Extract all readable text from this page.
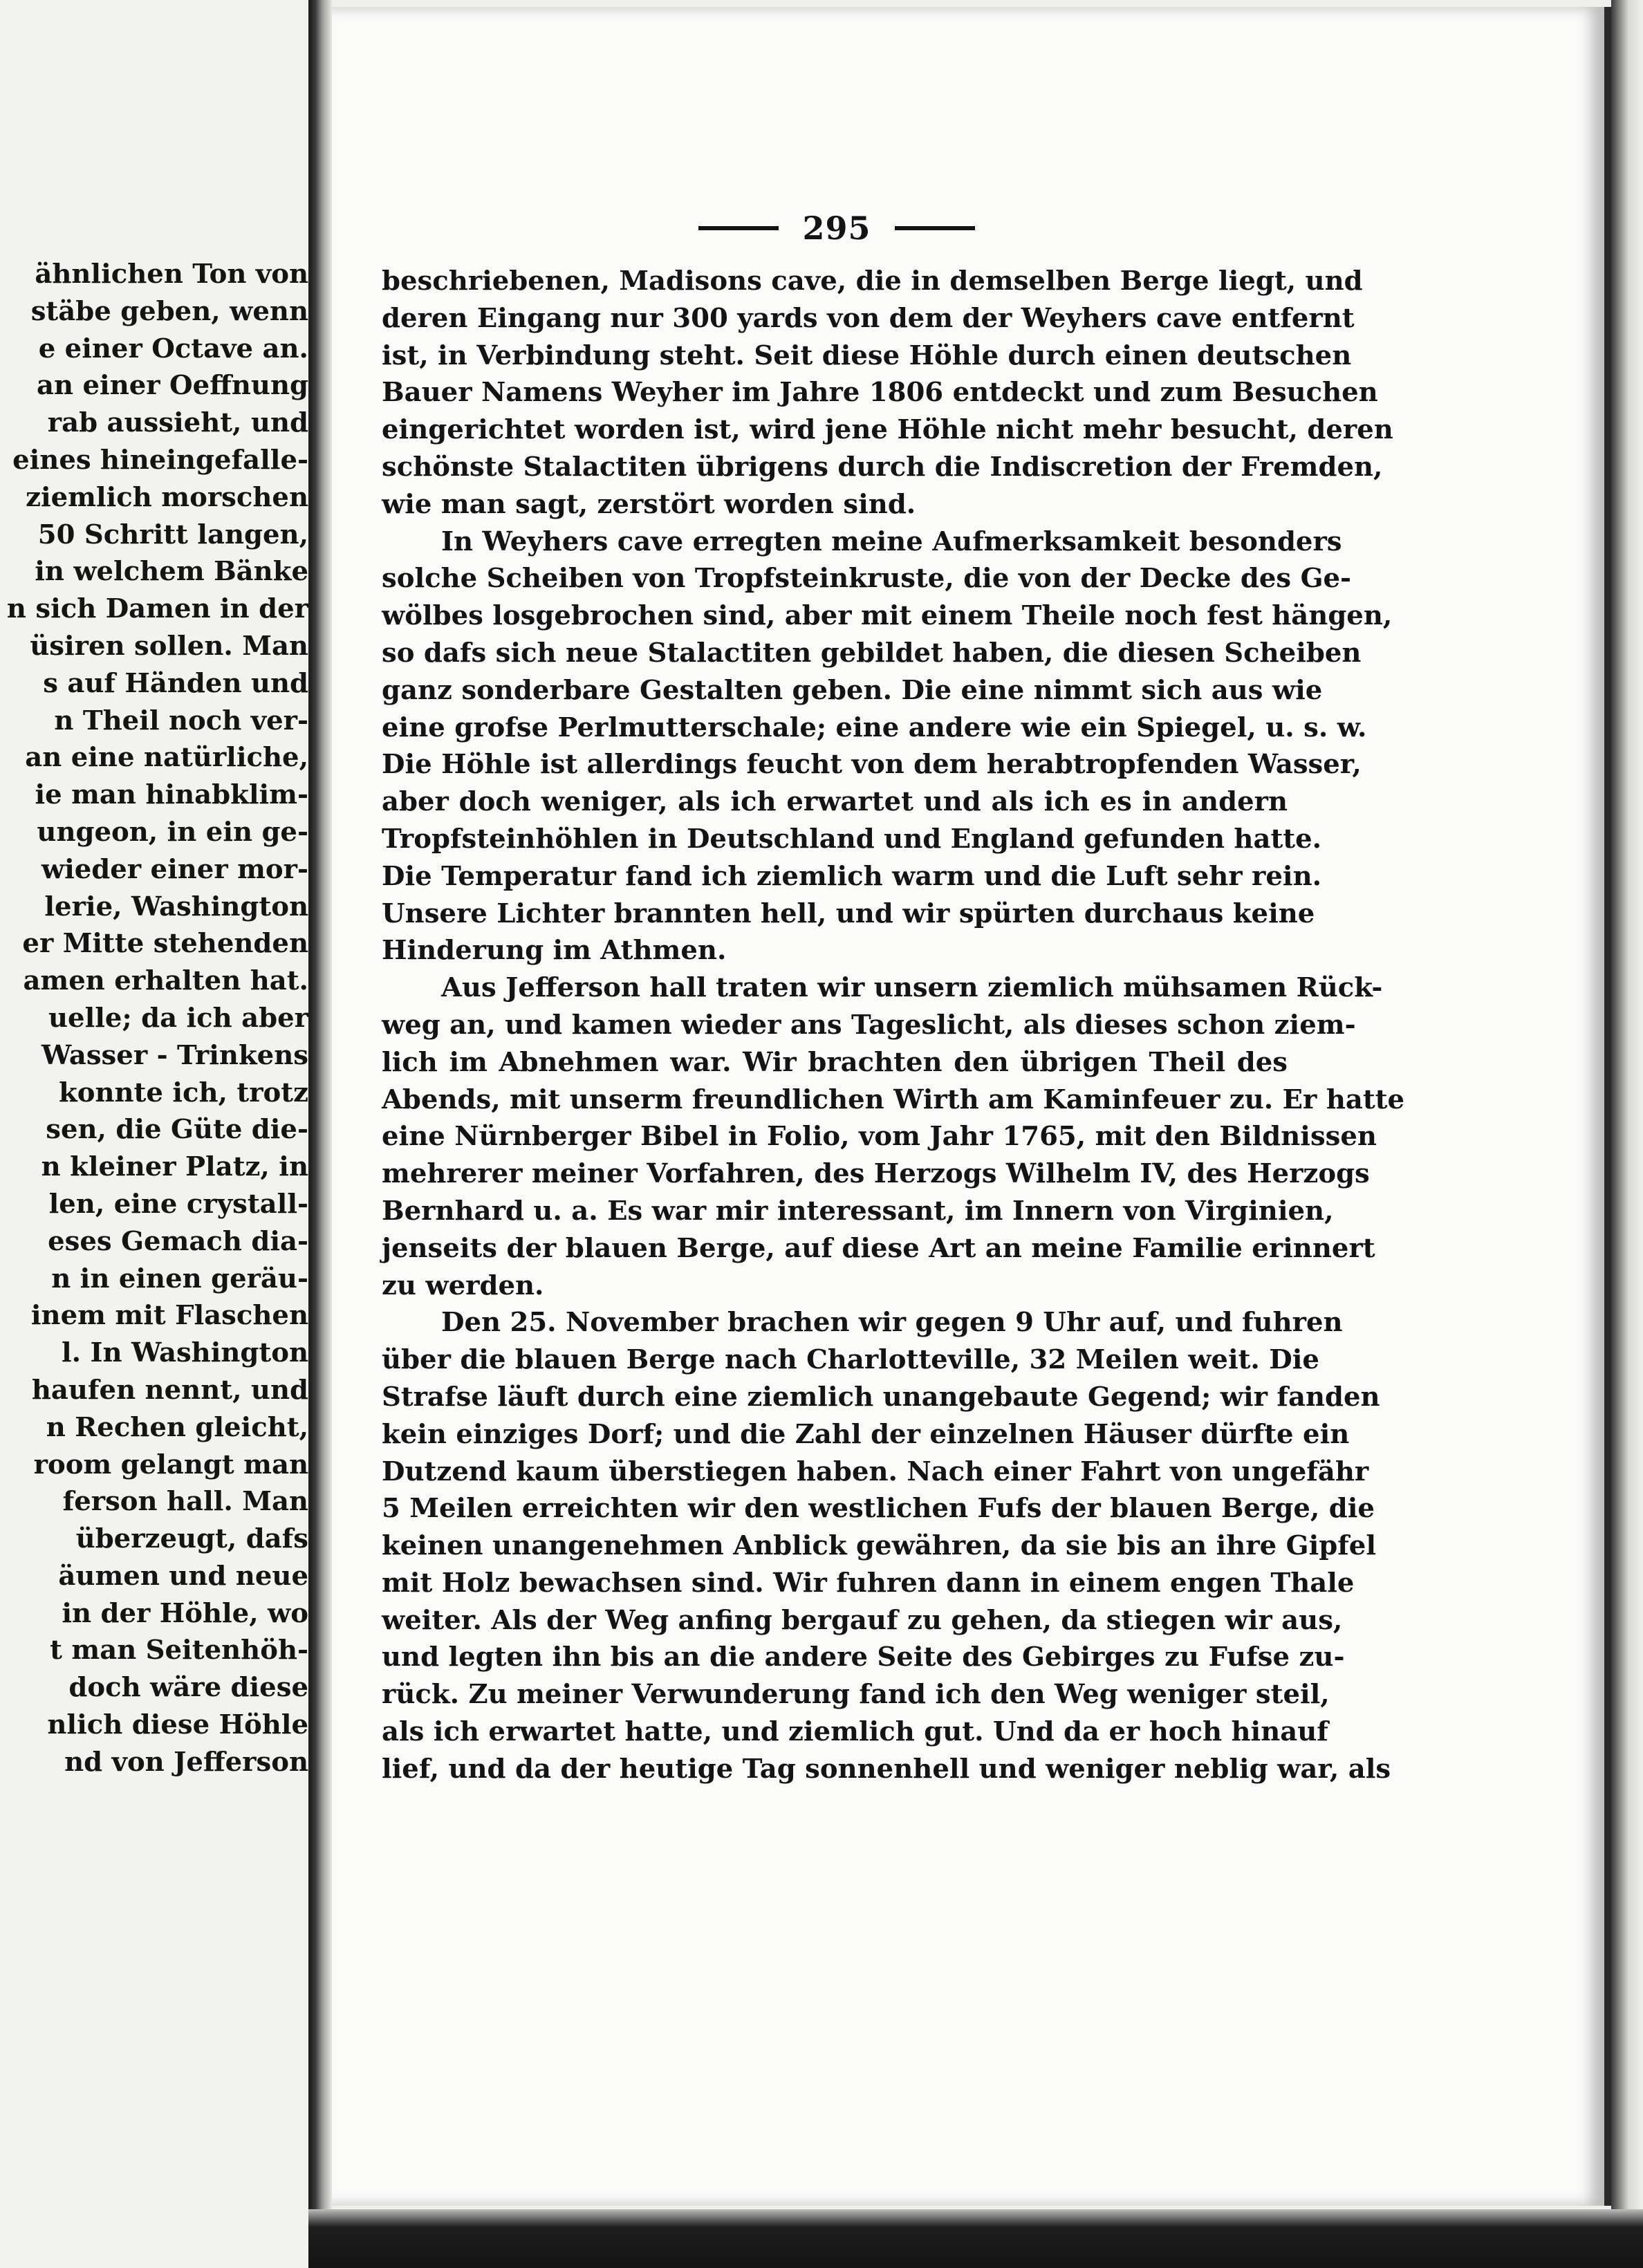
ähnlichen Ton von
stäbe geben, wenn
e einer Octave an.
an einer Oeffnung
rab aussieht, und
eines hineingefalle-
ziemlich morschen
50 Schritt langen,
in welchem Bänke
n sich Damen in der
üsiren sollen. Man
s auf Händen und
n Theil noch ver-
an eine natürliche,
ie man hinabklim-
ungeon, in ein ge-
wieder einer mor-
lerie, Washington
er Mitte stehenden
amen erhalten hat.
uelle; da ich aber
Wasser - Trinkens
konnte ich, trotz
sen, die Güte die-
n kleiner Platz, in
len, eine crystall-
eses Gemach dia-
n in einen geräu-
inem mit Flaschen
l. In Washington
haufen nennt, und
n Rechen gleicht,
room gelangt man
ferson hall. Man
überzeugt, dafs
äumen und neue
in der Höhle, wo
t man Seitenhöh-
doch wäre diese
nlich diese Höhle
nd von Jefferson
295
beschriebenen, Madisons cave, die in demselben Berge liegt, und
deren Eingang nur 300 yards von dem der Weyhers cave entfernt
ist, in Verbindung steht. Seit diese Höhle durch einen deutschen
Bauer Namens Weyher im Jahre 1806 entdeckt und zum Besuchen
eingerichtet worden ist, wird jene Höhle nicht mehr besucht, deren
schönste Stalactiten übrigens durch die Indiscretion der Fremden,
wie man sagt, zerstört worden sind.
In Weyhers cave erregten meine Aufmerksamkeit besonders
solche Scheiben von Tropfsteinkruste, die von der Decke des Ge-
wölbes losgebrochen sind, aber mit einem Theile noch fest hängen,
so dafs sich neue Stalactiten gebildet haben, die diesen Scheiben
ganz sonderbare Gestalten geben. Die eine nimmt sich aus wie
eine grofse Perlmutterschale; eine andere wie ein Spiegel, u. s. w.
Die Höhle ist allerdings feucht von dem herabtropfenden Wasser,
aber doch weniger, als ich erwartet und als ich es in andern
Tropfsteinhöhlen in Deutschland und England gefunden hatte.
Die Temperatur fand ich ziemlich warm und die Luft sehr rein.
Unsere Lichter brannten hell, und wir spürten durchaus keine
Hinderung im Athmen.
Aus Jefferson hall traten wir unsern ziemlich mühsamen Rück-
weg an, und kamen wieder ans Tageslicht, als dieses schon ziem-
lich im Abnehmen war. Wir brachten den übrigen Theil des
Abends, mit unserm freundlichen Wirth am Kaminfeuer zu. Er hatte
eine Nürnberger Bibel in Folio, vom Jahr 1765, mit den Bildnissen
mehrerer meiner Vorfahren, des Herzogs Wilhelm IV, des Herzogs
Bernhard u. a. Es war mir interessant, im Innern von Virginien,
jenseits der blauen Berge, auf diese Art an meine Familie erinnert
zu werden.
Den 25. November brachen wir gegen 9 Uhr auf, und fuhren
über die blauen Berge nach Charlotteville, 32 Meilen weit. Die
Strafse läuft durch eine ziemlich unangebaute Gegend; wir fanden
kein einziges Dorf; und die Zahl der einzelnen Häuser dürfte ein
Dutzend kaum überstiegen haben. Nach einer Fahrt von ungefähr
5 Meilen erreichten wir den westlichen Fufs der blauen Berge, die
keinen unangenehmen Anblick gewähren, da sie bis an ihre Gipfel
mit Holz bewachsen sind. Wir fuhren dann in einem engen Thale
weiter. Als der Weg anfing bergauf zu gehen, da stiegen wir aus,
und legten ihn bis an die andere Seite des Gebirges zu Fufse zu-
rück. Zu meiner Verwunderung fand ich den Weg weniger steil,
als ich erwartet hatte, und ziemlich gut. Und da er hoch hinauf
lief, und da der heutige Tag sonnenhell und weniger neblig war, als
